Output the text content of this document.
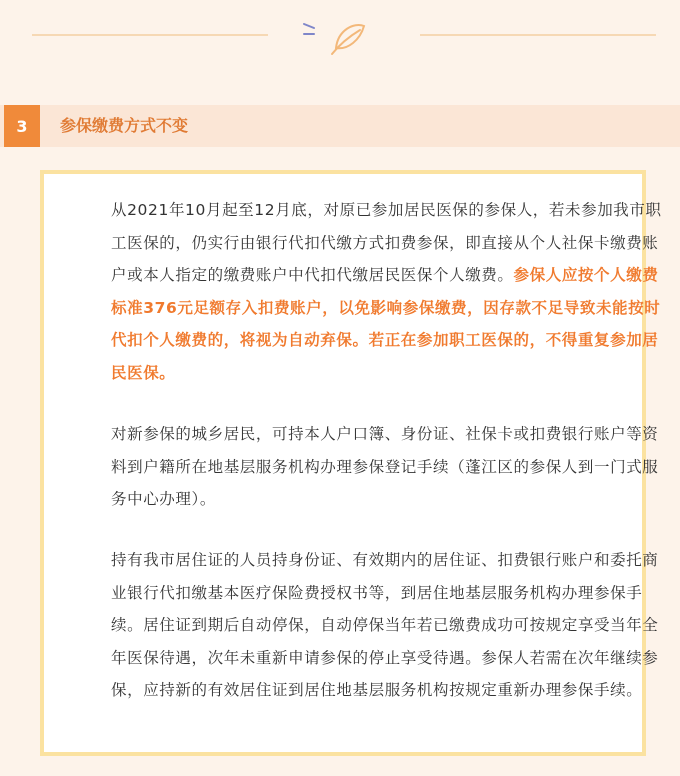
3	参保缴费方式不变

从2021年10月起至12月底，对原已参加居民医保的参保人，若未参加我市职工医保的，仍实行由银行代扣代缴方式扣费参保，即直接从个人社保卡缴费账户或本人指定的缴费账户中代扣代缴居民医保个人缴费。参保人应按个人缴费标准376元足额存入扣费账户，以免影响参保缴费，因存款不足导致未能按时代扣个人缴费的，将视为自动弃保。若正在参加职工医保的，不得重复参加居民医保。

对新参保的城乡居民，可持本人户口簿、身份证、社保卡或扣费银行账户等资料到户籍所在地基层服务机构办理参保登记手续（蓬江区的参保人到一门式服务中心办理）。

持有我市居住证的人员持身份证、有效期内的居住证、扣费银行账户和委托商业银行代扣缴基本医疗保险费授权书等，到居住地基层服务机构办理参保手续。居住证到期后自动停保，自动停保当年若已缴费成功可按规定享受当年全年医保待遇，次年未重新申请参保的停止享受待遇。参保人若需在次年继续参保，应持新的有效居住证到居住地基层服务机构按规定重新办理参保手续。
